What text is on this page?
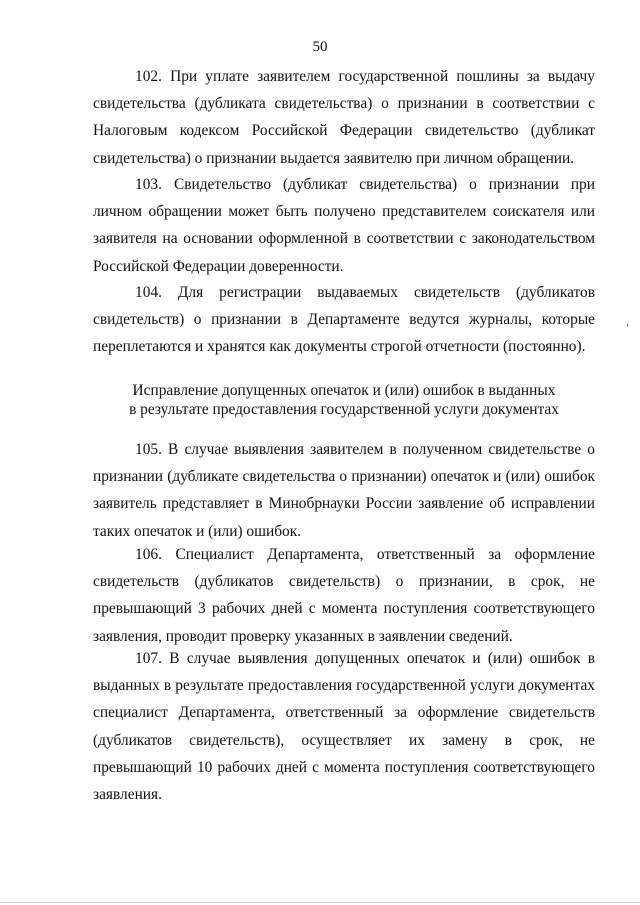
50

102. При уплате заявителем государственной пошлины за выдачу свидетельства (дубликата свидетельства) о признании в соответствии с Налоговым кодексом Российской Федерации свидетельство (дубликат свидетельства) о признании выдается заявителю при личном обращении.

103. Свидетельство (дубликат свидетельства) о признании при личном обращении может быть получено представителем соискателя или заявителя на основании оформленной в соответствии с законодательством Российской Федерации доверенности.

104. Для регистрации выдаваемых свидетельств (дубликатов свидетельств) о признании в Департаменте ведутся журналы, которые переплетаются и хранятся как документы строгой отчетности (постоянно).

Исправление допущенных опечаток и (или) ошибок в выданных
в результате предоставления государственной услуги документах

105. В случае выявления заявителем в полученном свидетельстве о признании (дубликате свидетельства о признании) опечаток и (или) ошибок заявитель представляет в Минобрнауки России заявление об исправлении таких опечаток и (или) ошибок.

106. Специалист Департамента, ответственный за оформление свидетельств (дубликатов свидетельств) о признании, в срок, не превышающий 3 рабочих дней с момента поступления соответствующего заявления, проводит проверку указанных в заявлении сведений.

107. В случае выявления допущенных опечаток и (или) ошибок в выданных в результате предоставления государственной услуги документах специалист Департамента, ответственный за оформление свидетельств (дубликатов свидетельств), осуществляет их замену в срок, не превышающий 10 рабочих дней с момента поступления соответствующего заявления.
